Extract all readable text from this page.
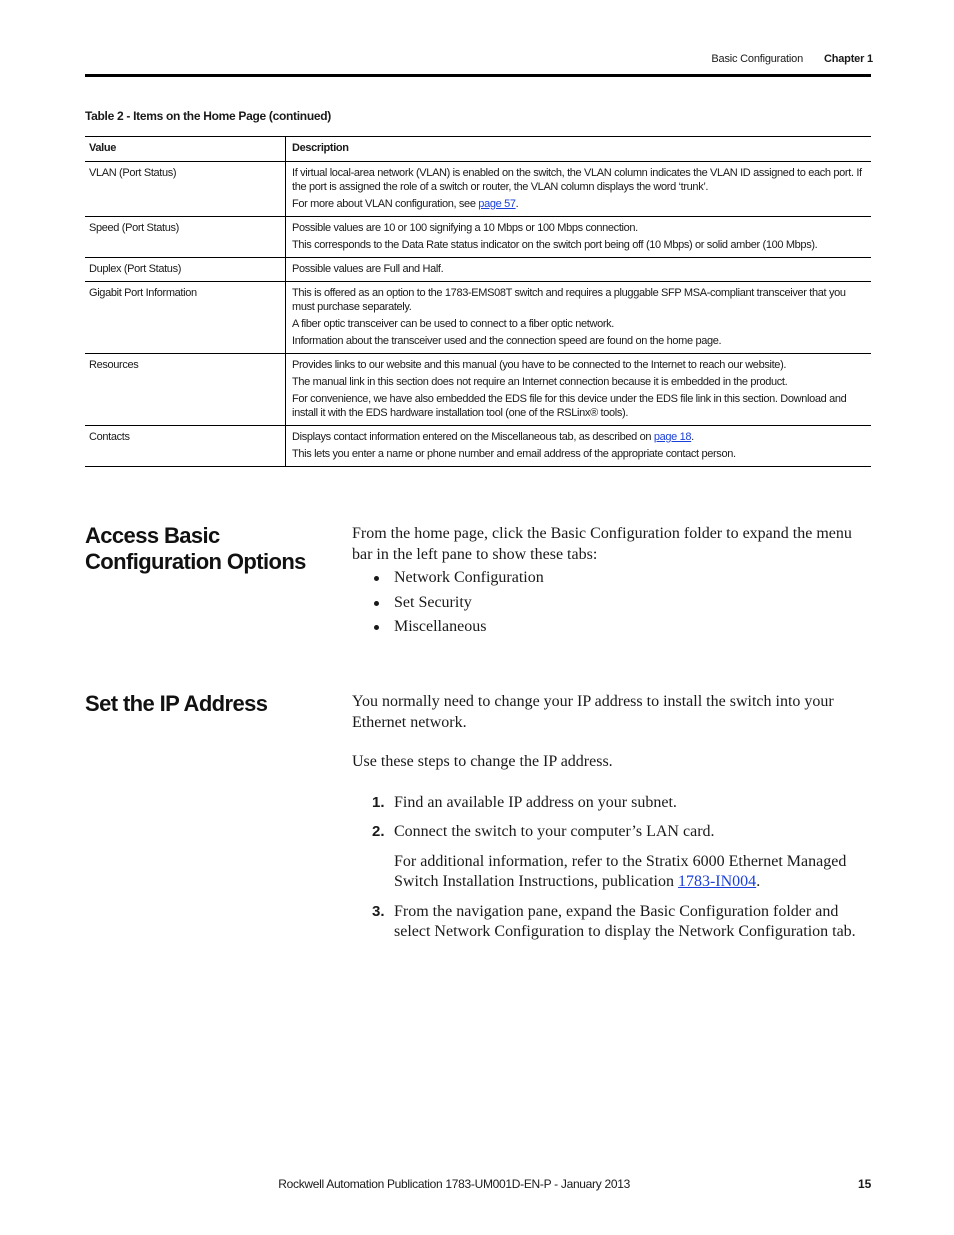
Basic Configuration Chapter 1
Table 2 - Items on the Home Page (continued)
Value	Description
VLAN (Port Status)	If virtual local-area network (VLAN) is enabled on the switch, the VLAN column indicates the VLAN ID assigned to each port. If the port is assigned the role of a switch or router, the VLAN column displays the word ‘trunk’.

For more about VLAN configuration, see page 57.

Speed (Port Status)	Possible values are 10 or 100 signifying a 10 Mbps or 100 Mbps connection.

This corresponds to the Data Rate status indicator on the switch port being off (10 Mbps) or solid amber (100 Mbps).

Duplex (Port Status)	Possible values are Full and Half.

Gigabit Port Information	This is offered as an option to the 1783-EMS08T switch and requires a pluggable SFP MSA-compliant transceiver that you must purchase separately.

A fiber optic transceiver can be used to connect to a fiber optic network.

Information about the transceiver used and the connection speed are found on the home page.

Resources	Provides links to our website and this manual (you have to be connected to the Internet to reach our website).

The manual link in this section does not require an Internet connection because it is embedded in the product.

For convenience, we have also embedded the EDS file for this device under the EDS file link in this section. Download and install it with the EDS hardware installation tool (one of the RSLinx® tools).

Contacts	Displays contact information entered on the Miscellaneous tab, as described on page 18.

This lets you enter a name or phone number and email address of the appropriate contact person.

Access Basic Configuration Options

From the home page, click the Basic Configuration folder to expand the menu bar in the left pane to show these tabs:

Network Configuration
Set Security
Miscellaneous
Set the IP Address	You normally need to change your IP address to install the switch into your Ethernet network.

Use these steps to change the IP address.

1. Find an available IP address on your subnet.
2. Connect the switch to your computer’s LAN card.

For additional information, refer to the Stratix 6000 Ethernet Managed Switch Installation Instructions, publication 1783-IN004.

3. From the navigation pane, expand the Basic Configuration folder and select Network Configuration to display the Network Configuration tab.
Rockwell Automation Publication 1783-UM001D-EN-P - January 2013	15
